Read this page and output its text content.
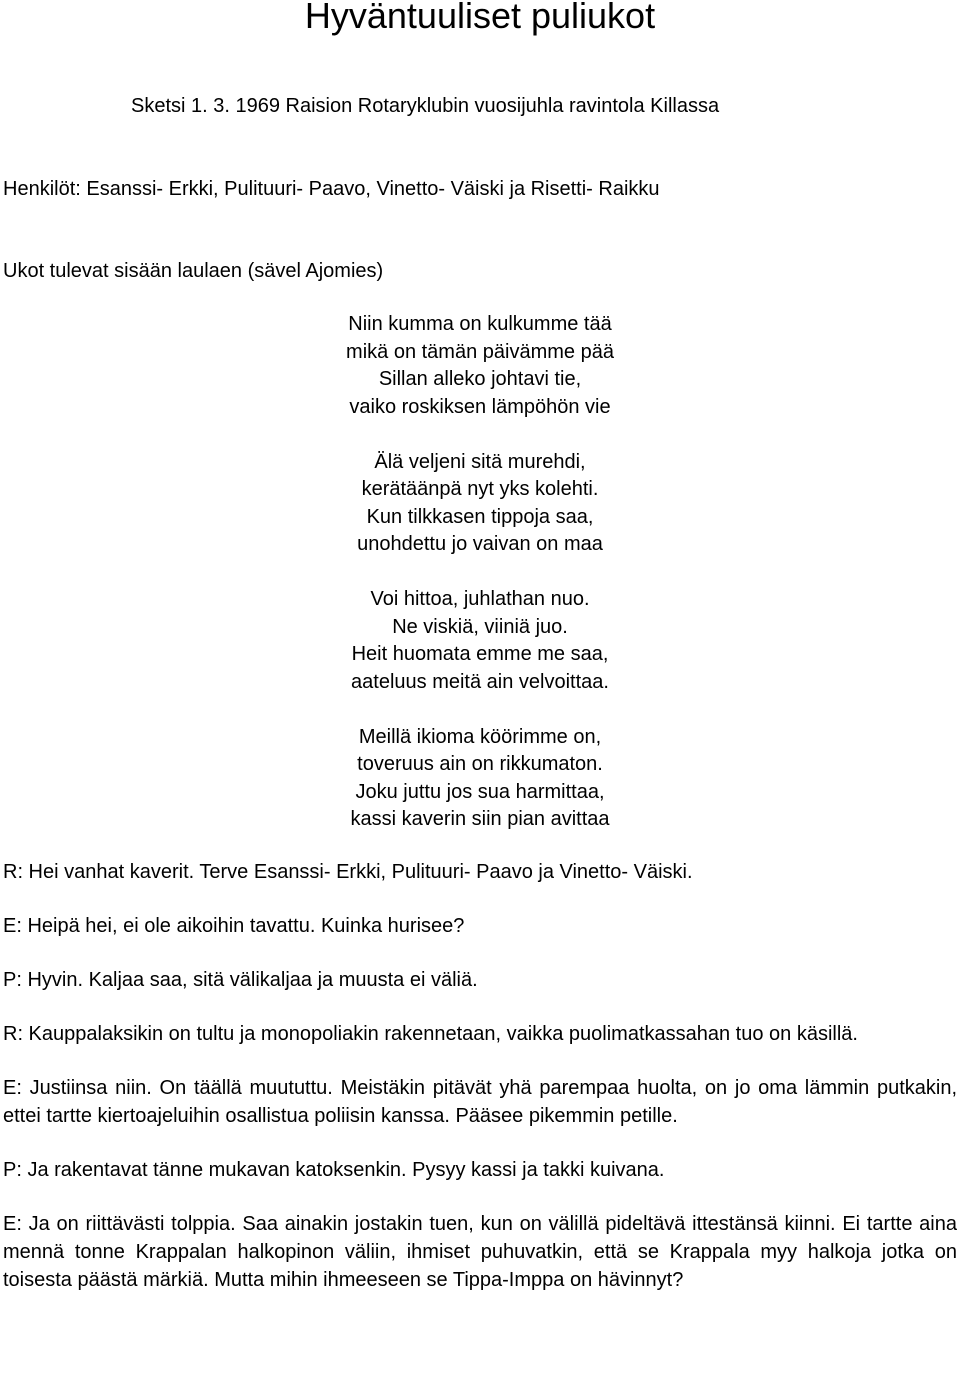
Hyväntuuliset puliukot
Sketsi 1. 3. 1969 Raision Rotaryklubin vuosijuhla ravintola Killassa
Henkilöt: Esanssi- Erkki, Pulituuri- Paavo, Vinetto- Väiski ja Risetti- Raikku
Ukot tulevat sisään laulaen (sävel Ajomies)
Niin kumma on kulkumme tää
mikä on tämän päivämme pää
Sillan alleko johtavi tie,
vaiko roskiksen lämpöhön vie
Älä veljeni sitä murehdi,
kerätäänpä nyt yks kolehti.
Kun tilkkasen tippoja saa,
unohdettu jo vaivan on maa
Voi hittoa, juhlathan nuo.
Ne viskiä, viiniä juo.
Heit huomata emme me saa,
aateluus meitä ain velvoittaa.
Meillä ikioma köörimme on,
toveruus ain on rikkumaton.
Joku juttu jos sua harmittaa,
kassi kaverin siin pian avittaa

R: Hei vanhat kaverit. Terve Esanssi- Erkki, Pulituuri- Paavo ja Vinetto- Väiski.

E: Heipä hei, ei ole aikoihin tavattu. Kuinka hurisee?

P: Hyvin. Kaljaa saa, sitä välikaljaa ja muusta ei väliä.

R: Kauppalaksikin on tultu ja monopoliakin rakennetaan, vaikka puolimatkassahan tuo on käsillä.

E: Justiinsa niin. On täällä muututtu. Meistäkin pitävät yhä parempaa huolta, on jo oma lämmin putkakin, ettei tartte kiertoajeluihin osallistua poliisin kanssa. Pääsee pikemmin petille.

P: Ja rakentavat tänne mukavan katoksenkin. Pysyy kassi ja takki kuivana.

E: Ja on riittävästi tolppia. Saa ainakin jostakin tuen, kun on välillä pideltävä ittestänsä kiinni. Ei tartte aina mennä tonne Krappalan halkopinon väliin, ihmiset puhuvatkin, että se Krappala myy halkoja jotka on toisesta päästä märkiä. Mutta mihin ihmeeseen se Tippa-Imppa on hävinnyt?
